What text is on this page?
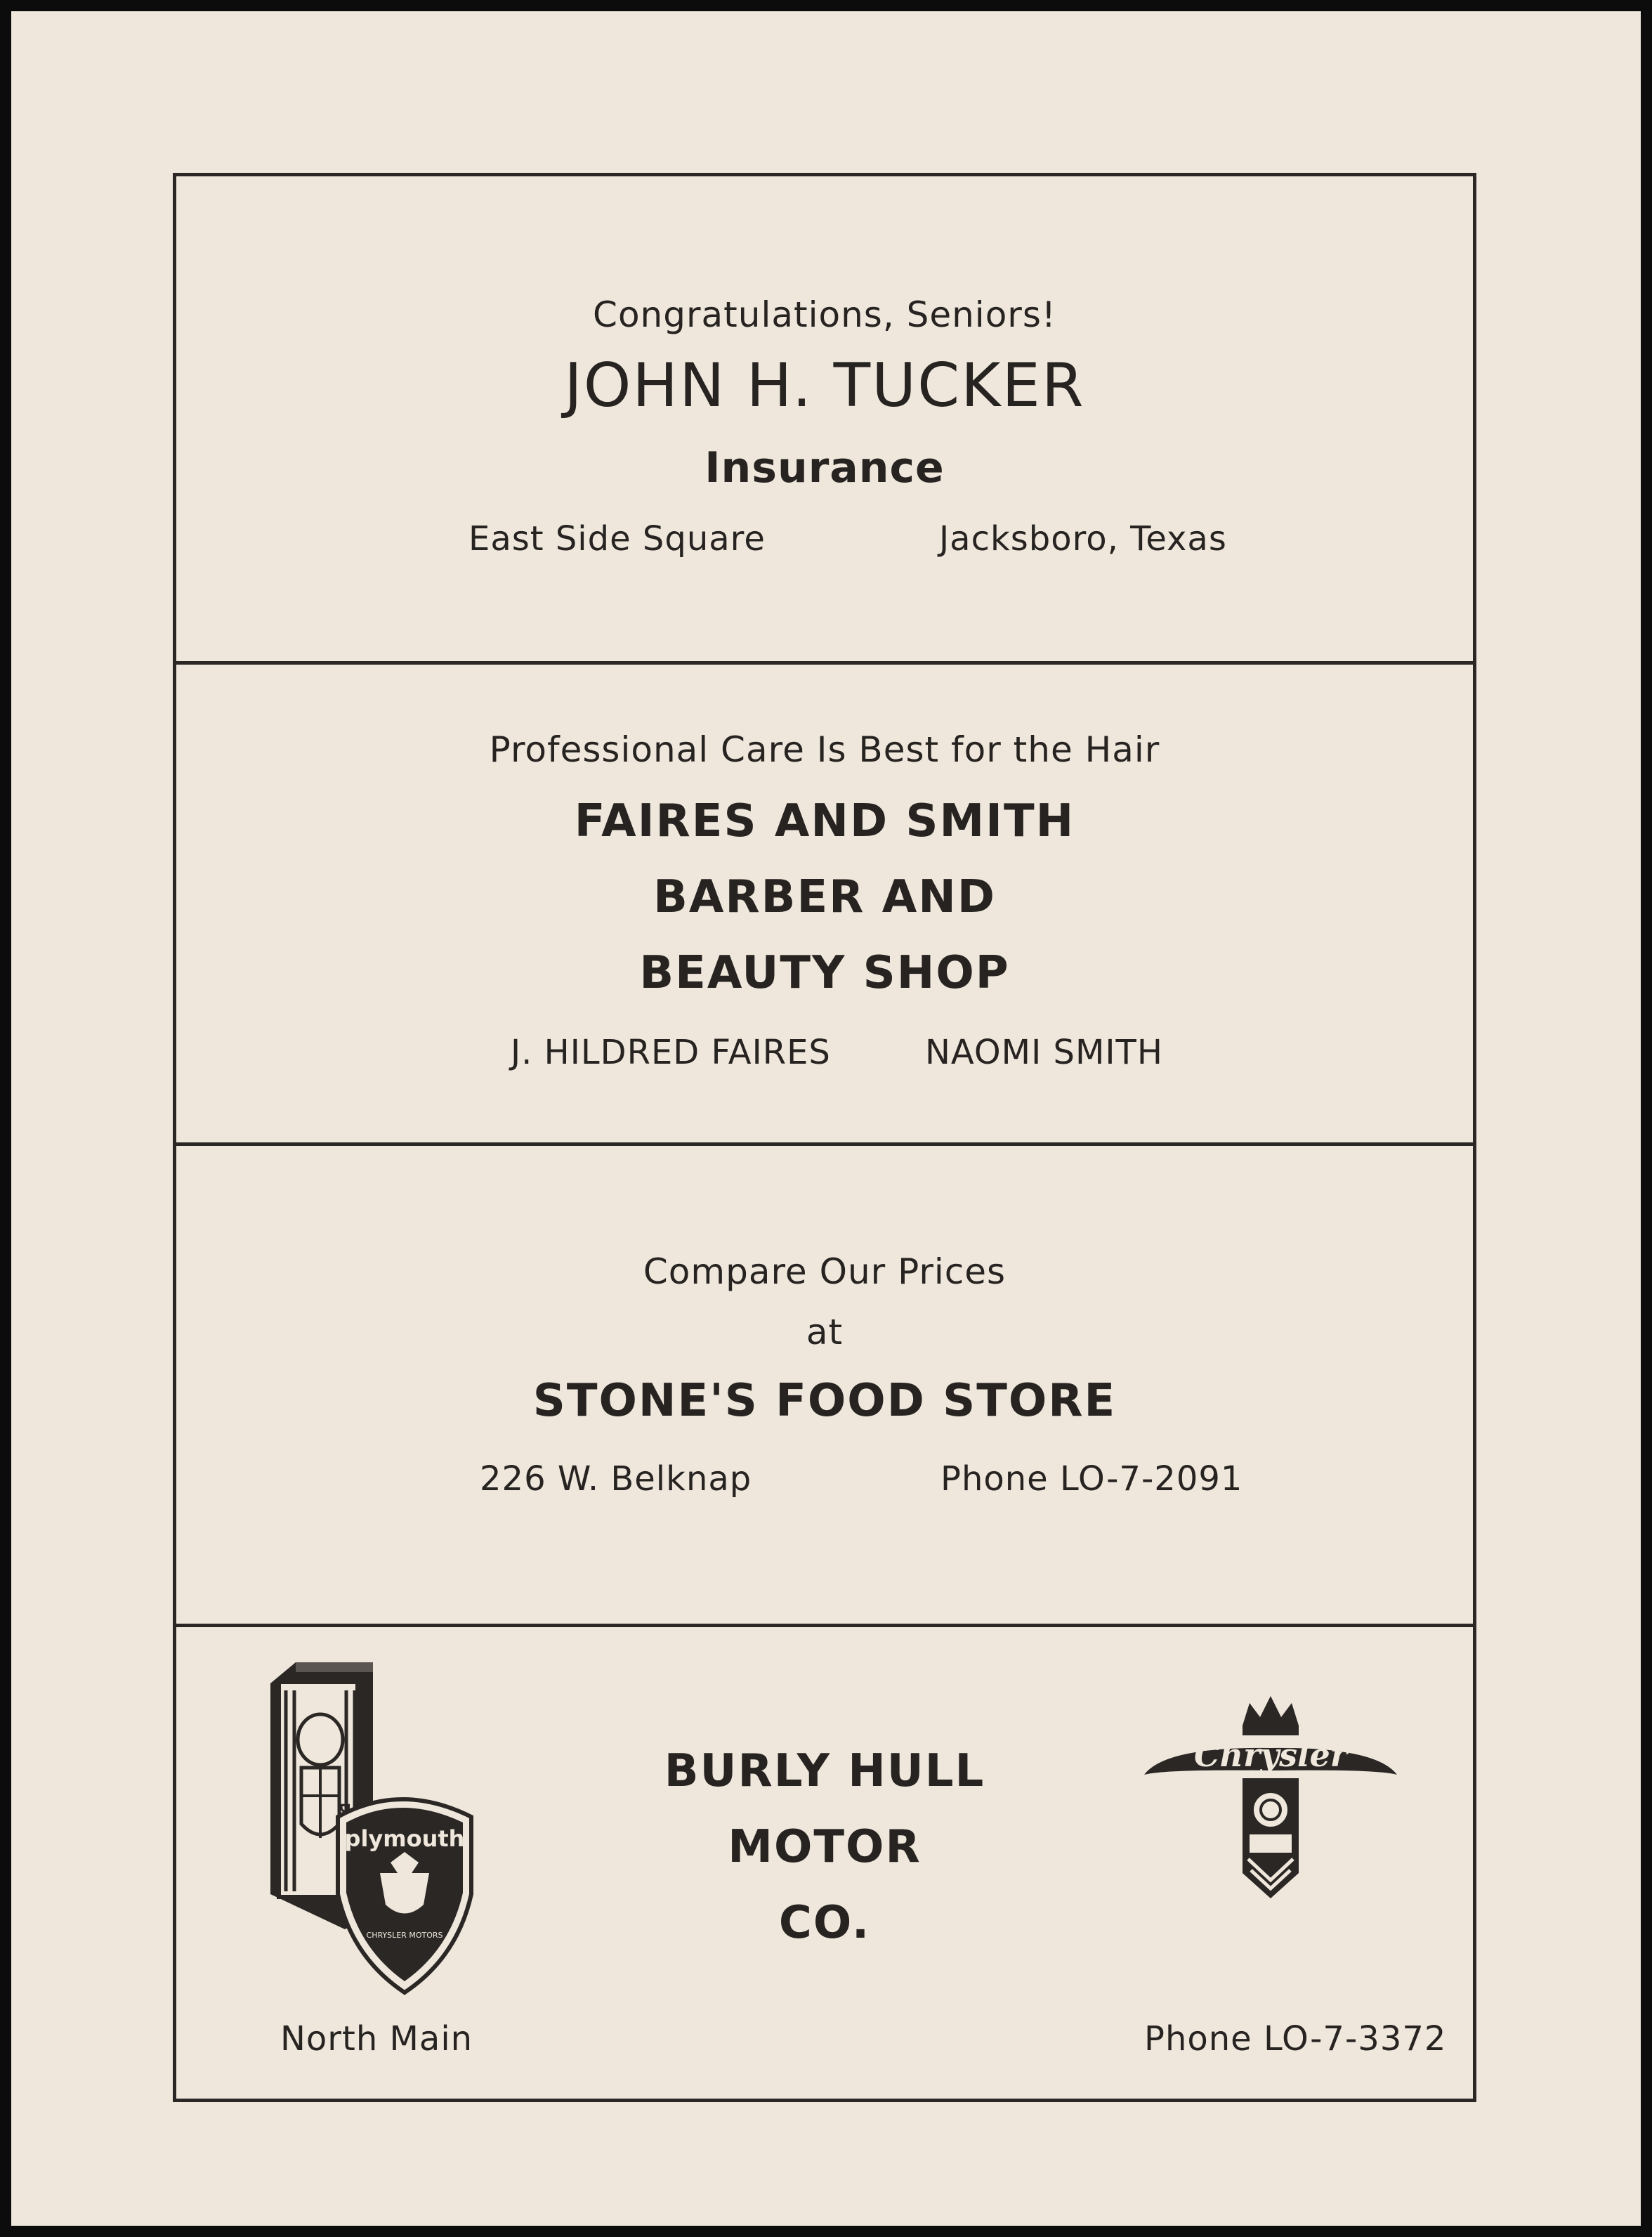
Congratulations, Seniors!
JOHN H. TUCKER
Insurance
East Side Square	Jacksboro, Texas
Professional Care Is Best for the Hair
FAIRES AND SMITH
BARBER AND
BEAUTY SHOP
J. HILDRED FAIRES	NAOMI SMITH
Compare Our Prices
at
STONE'S FOOD STORE
226 W. Belknap	Phone LO-7-2091
plymouth
CHRYSLER MOTORS
BURLY HULL
MOTOR
CO.
Chrysler
North Main	Phone LO-7-3372
